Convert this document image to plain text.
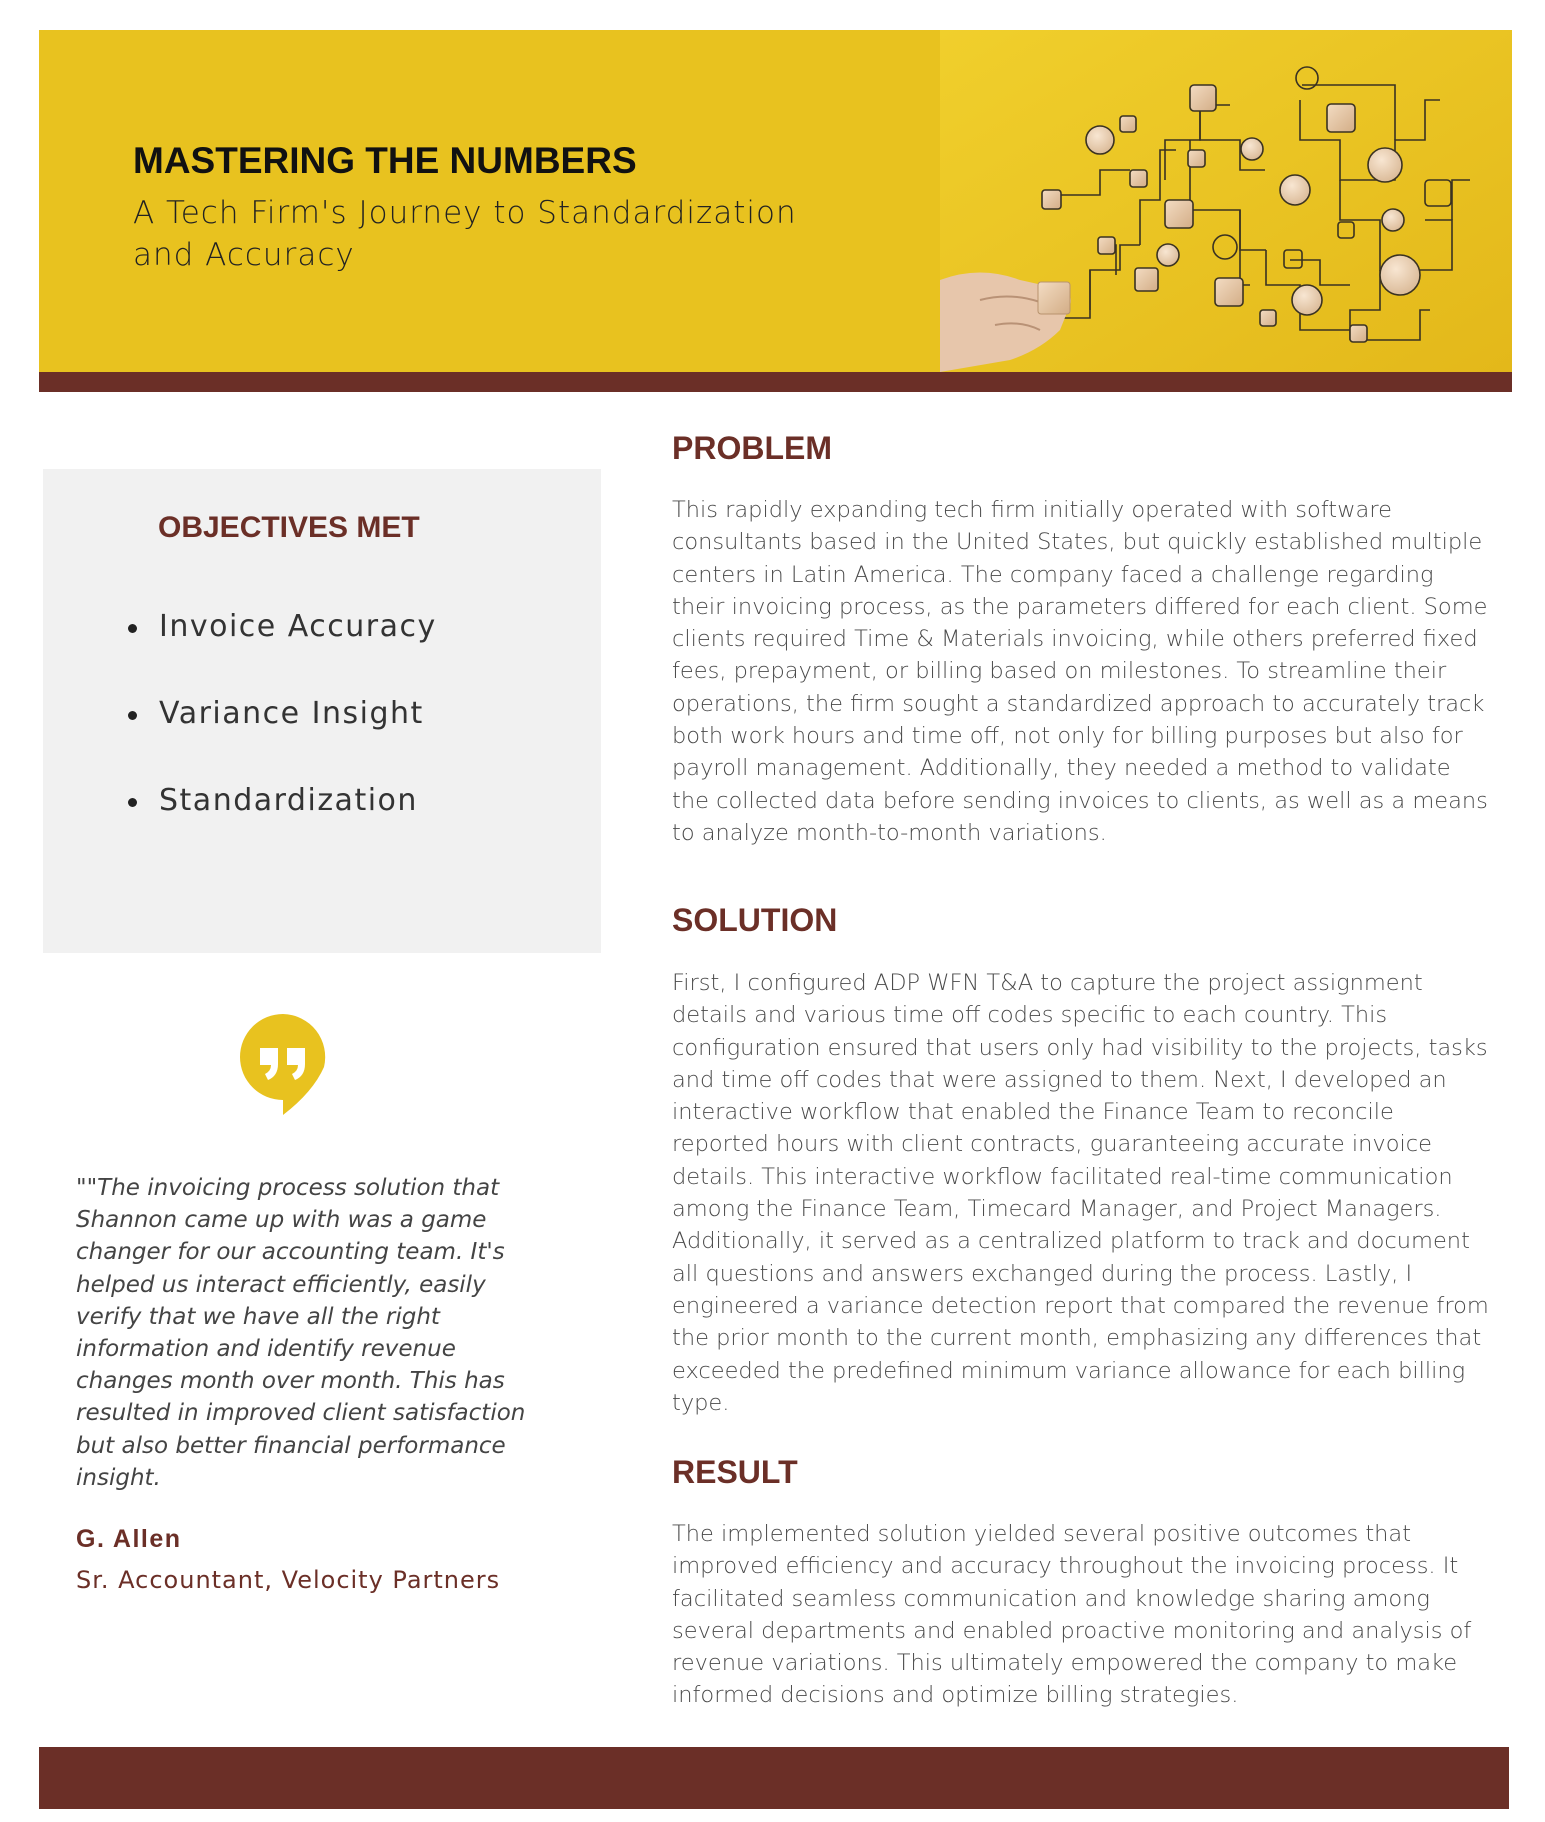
MASTERING THE NUMBERS

A Tech Firm's Journey to Standardization and Accuracy

OBJECTIVES MET
Invoice Accuracy
Variance Insight
Standardization

""The invoicing process solution that Shannon came up with was a game changer for our accounting team. It's helped us interact efficiently, easily verify that we have all the right information and identify revenue changes month over month. This has resulted in improved client satisfaction but also better financial performance insight.

G. Allen

Sr. Accountant, Velocity Partners

PROBLEM

This rapidly expanding tech firm initially operated with software consultants based in the United States, but quickly established multiple centers in Latin America. The company faced a challenge regarding their invoicing process, as the parameters differed for each client. Some clients required Time & Materials invoicing, while others preferred fixed fees, prepayment, or billing based on milestones. To streamline their operations, the firm sought a standardized approach to accurately track both work hours and time off, not only for billing purposes but also for payroll management. Additionally, they needed a method to validate the collected data before sending invoices to clients, as well as a means to analyze month-to-month variations.

SOLUTION

First, I configured ADP WFN T&A to capture the project assignment details and various time off codes specific to each country. This configuration ensured that users only had visibility to the projects, tasks and time off codes that were assigned to them. Next, I developed an interactive workflow that enabled the Finance Team to reconcile reported hours with client contracts, guaranteeing accurate invoice details. This interactive workflow facilitated real-time communication among the Finance Team, Timecard Manager, and Project Managers. Additionally, it served as a centralized platform to track and document all questions and answers exchanged during the process. Lastly, I engineered a variance detection report that compared the revenue from the prior month to the current month, emphasizing any differences that exceeded the predefined minimum variance allowance for each billing type.

RESULT

The implemented solution yielded several positive outcomes that improved efficiency and accuracy throughout the invoicing process. It facilitated seamless communication and knowledge sharing among several departments and enabled proactive monitoring and analysis of revenue variations. This ultimately empowered the company to make informed decisions and optimize billing strategies.
